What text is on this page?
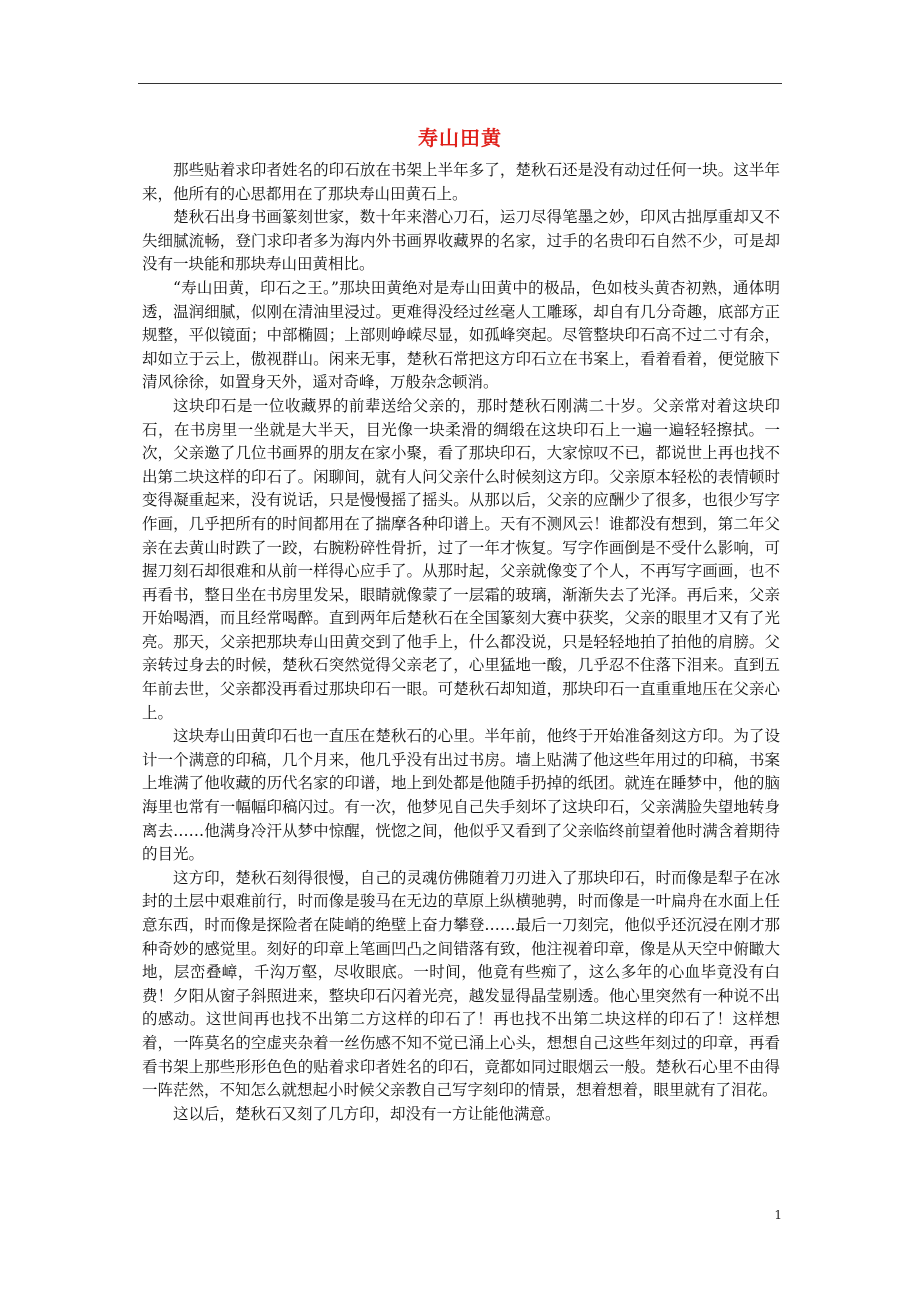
寿山田黄

那些贴着求印者姓名的印石放在书架上半年多了，楚秋石还是没有动过任何一块。这半年来，他所有的心思都用在了那块寿山田黄石上。

楚秋石出身书画篆刻世家，数十年来潜心刀石，运刀尽得笔墨之妙，印风古拙厚重却又不失细腻流畅，登门求印者多为海内外书画界收藏界的名家，过手的名贵印石自然不少，可是却没有一块能和那块寿山田黄相比。

“寿山田黄，印石之王。”那块田黄绝对是寿山田黄中的极品，色如枝头黄杏初熟，通体明透，温润细腻，似刚在清油里浸过。更难得没经过丝毫人工雕琢，却自有几分奇趣，底部方正规整，平似镜面；中部椭圆；上部则峥嵘尽显，如孤峰突起。尽管整块印石高不过二寸有余，却如立于云上，傲视群山。闲来无事，楚秋石常把这方印石立在书案上，看着看着，便觉腋下清风徐徐，如置身天外，遥对奇峰，万般杂念顿消。

这块印石是一位收藏界的前辈送给父亲的，那时楚秋石刚满二十岁。父亲常对着这块印石，在书房里一坐就是大半天，目光像一块柔滑的绸缎在这块印石上一遍一遍轻轻擦拭。一次，父亲邀了几位书画界的朋友在家小聚，看了那块印石，大家惊叹不已，都说世上再也找不出第二块这样的印石了。闲聊间，就有人问父亲什么时候刻这方印。父亲原本轻松的表情顿时变得凝重起来，没有说话，只是慢慢摇了摇头。从那以后，父亲的应酬少了很多，也很少写字作画，几乎把所有的时间都用在了揣摩各种印谱上。天有不测风云！谁都没有想到，第二年父亲在去黄山时跌了一跤，右腕粉碎性骨折，过了一年才恢复。写字作画倒是不受什么影响，可握刀刻石却很难和从前一样得心应手了。从那时起，父亲就像变了个人，不再写字画画，也不再看书，整日坐在书房里发呆，眼睛就像蒙了一层霜的玻璃，渐渐失去了光泽。再后来，父亲开始喝酒，而且经常喝醉。直到两年后楚秋石在全国篆刻大赛中获奖，父亲的眼里才又有了光亮。那天，父亲把那块寿山田黄交到了他手上，什么都没说，只是轻轻地拍了拍他的肩膀。父亲转过身去的时候，楚秋石突然觉得父亲老了，心里猛地一酸，几乎忍不住落下泪来。直到五年前去世，父亲都没再看过那块印石一眼。可楚秋石却知道，那块印石一直重重地压在父亲心上。

这块寿山田黄印石也一直压在楚秋石的心里。半年前，他终于开始准备刻这方印。为了设计一个满意的印稿，几个月来，他几乎没有出过书房。墙上贴满了他这些年用过的印稿，书案上堆满了他收藏的历代名家的印谱，地上到处都是他随手扔掉的纸团。就连在睡梦中，他的脑海里也常有一幅幅印稿闪过。有一次，他梦见自己失手刻坏了这块印石，父亲满脸失望地转身离去……他满身冷汗从梦中惊醒，恍惚之间，他似乎又看到了父亲临终前望着他时满含着期待的目光。

这方印，楚秋石刻得很慢，自己的灵魂仿佛随着刀刃进入了那块印石，时而像是犁子在冰封的土层中艰难前行，时而像是骏马在无边的草原上纵横驰骋，时而像是一叶扁舟在水面上任意东西，时而像是探险者在陡峭的绝壁上奋力攀登……最后一刀刻完，他似乎还沉浸在刚才那种奇妙的感觉里。刻好的印章上笔画凹凸之间错落有致，他注视着印章，像是从天空中俯瞰大地，层峦叠嶂，千沟万壑，尽收眼底。一时间，他竟有些痴了，这么多年的心血毕竟没有白费！夕阳从窗子斜照进来，整块印石闪着光亮，越发显得晶莹剔透。他心里突然有一种说不出的感动。这世间再也找不出第二方这样的印石了！再也找不出第二块这样的印石了！这样想着，一阵莫名的空虚夹杂着一丝伤感不知不觉已涌上心头，想想自己这些年刻过的印章，再看看书架上那些形形色色的贴着求印者姓名的印石，竟都如同过眼烟云一般。楚秋石心里不由得一阵茫然，不知怎么就想起小时候父亲教自己写字刻印的情景，想着想着，眼里就有了泪花。

这以后，楚秋石又刻了几方印，却没有一方让能他满意。

1
